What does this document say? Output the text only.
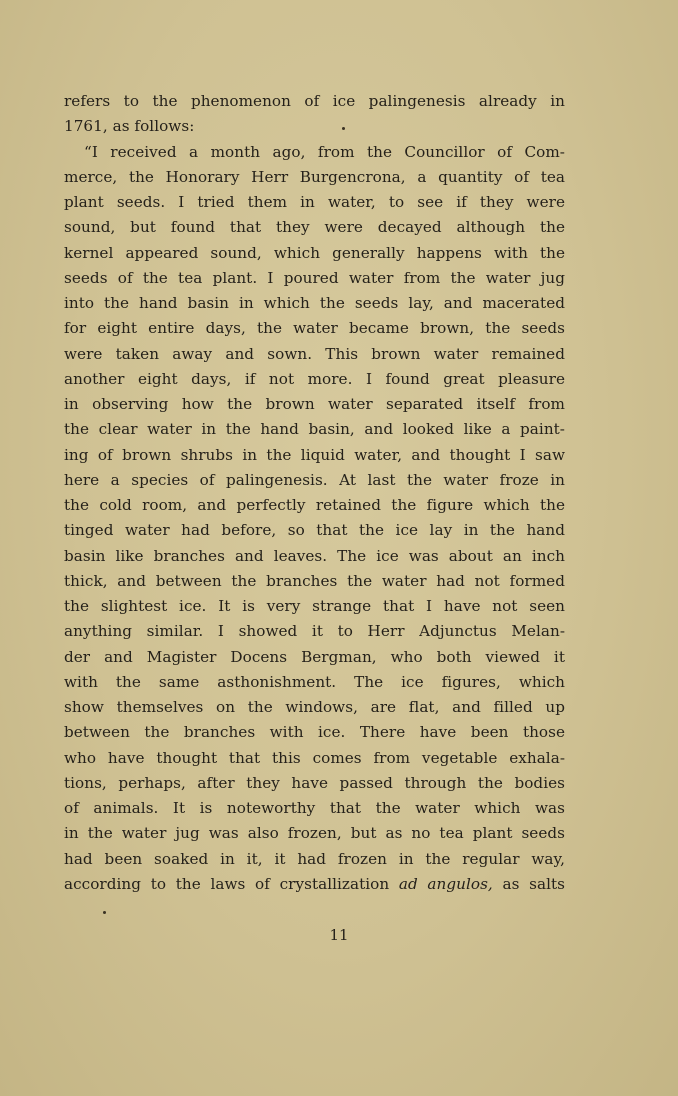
refers to the phenomenon of ice palingenesis already in
1761, as follows:
“I received a month ago, from the Councillor of Com-
merce, the Honorary Herr Burgencrona, a quantity of tea
plant seeds. I tried them in water, to see if they were
sound, but found that they were decayed although the
kernel appeared sound, which generally happens with the
seeds of the tea plant. I poured water from the water jug
into the hand basin in which the seeds lay, and macerated
for eight entire days, the water became brown, the seeds
were taken away and sown. This brown water remained
another eight days, if not more. I found great pleasure
in observing how the brown water separated itself from
the clear water in the hand basin, and looked like a paint-
ing of brown shrubs in the liquid water, and thought I saw
here a species of palingenesis. At last the water froze in
the cold room, and perfectly retained the figure which the
tinged water had before, so that the ice lay in the hand
basin like branches and leaves. The ice was about an inch
thick, and between the branches the water had not formed
the slightest ice. It is very strange that I have not seen
anything similar. I showed it to Herr Adjunctus Melan-
der and Magister Docens Bergman, who both viewed it
with the same asthonishment. The ice figures, which
show themselves on the windows, are flat, and filled up
between the branches with ice. There have been those
who have thought that this comes from vegetable exhala-
tions, perhaps, after they have passed through the bodies
of animals. It is noteworthy that the water which was
in the water jug was also frozen, but as no tea plant seeds
had been soaked in it, it had frozen in the regular way,
according to the laws of crystallization ad angulos, as salts
11
